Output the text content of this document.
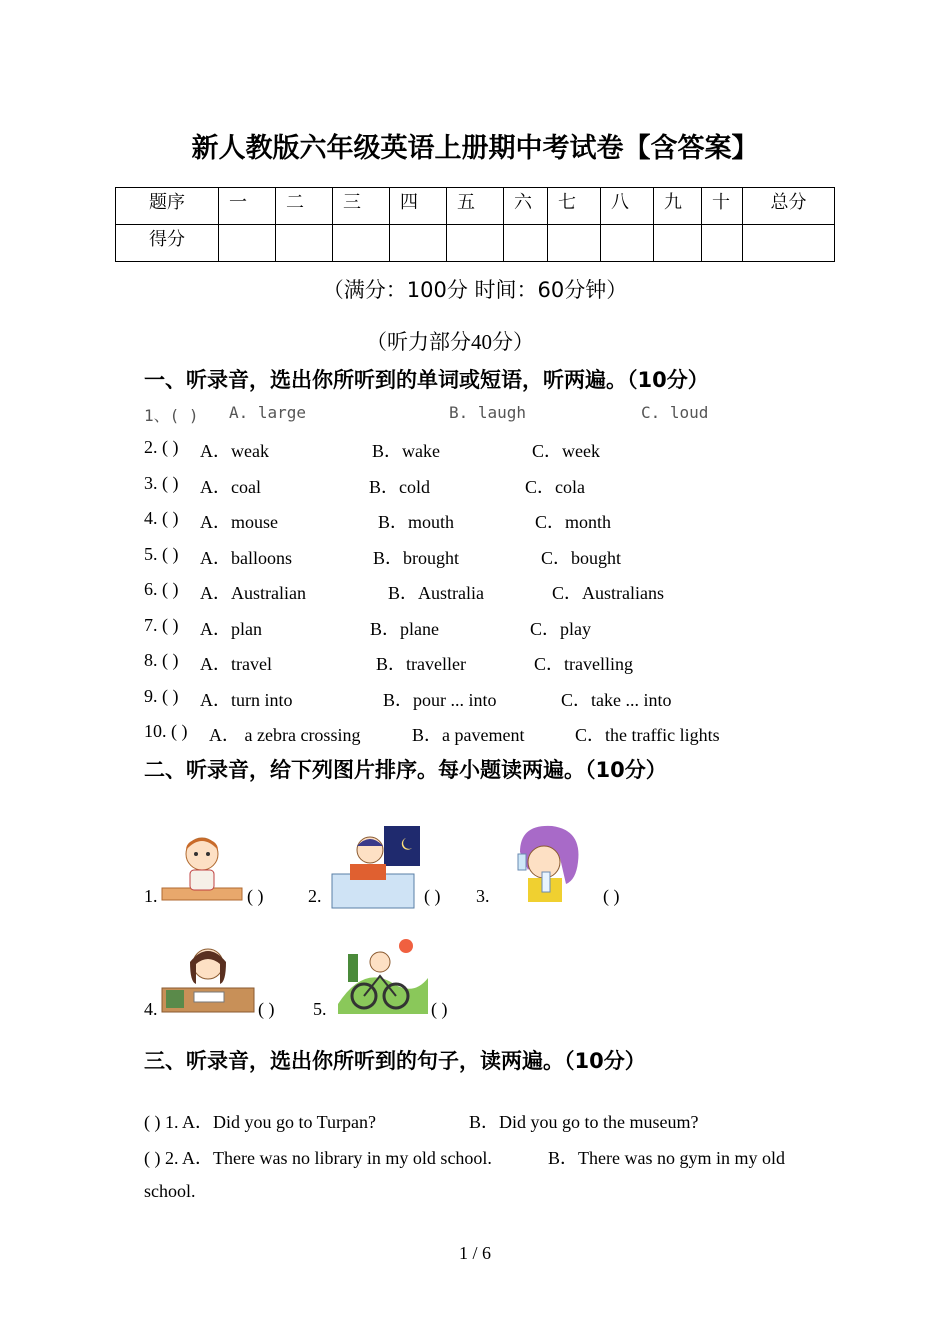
新人教版六年级英语上册期中考试卷【含答案】
题序	一	二	三	四	五	六	七	八	九	十	总分
得分											
（满分：100分 时间：60分钟）
（听力部分40分）
一、听录音，选出你所听到的单词或短语，听两遍。（10分）
1、( ) A. large	B. laugh	C. loud
2. ( ) A．weak	B．wake	C．week
3. ( ) A．coal	B．cold	C．cola
4. ( ) A．mouse	B．mouth	C．month
5. ( ) A．balloons	B．brought	C．bought
6. ( ) A．Australian	B．Australia	C．Australians
7. ( ) A．plan	B．plane	C．play
8. ( ) A．travel	B．traveller	C．travelling
9. ( ) A．turn into	B．pour ... into	C．take ... into
10. ( ) A． a zebra crossing	B．a pavement	C．the traffic lights
二、听录音，给下列图片排序。每小题读两遍。（10分）
1.	( ) 2.	( ) 3.	( )
4.	( ) 5.	( )
三、听录音，选出你所听到的句子，读两遍。（10分）
( ) 1. A．Did you go to Turpan?	B．Did you go to the museum?
( ) 2. A．There was no library in my old school.	B．There was no gym in my old
school.
1 / 6
